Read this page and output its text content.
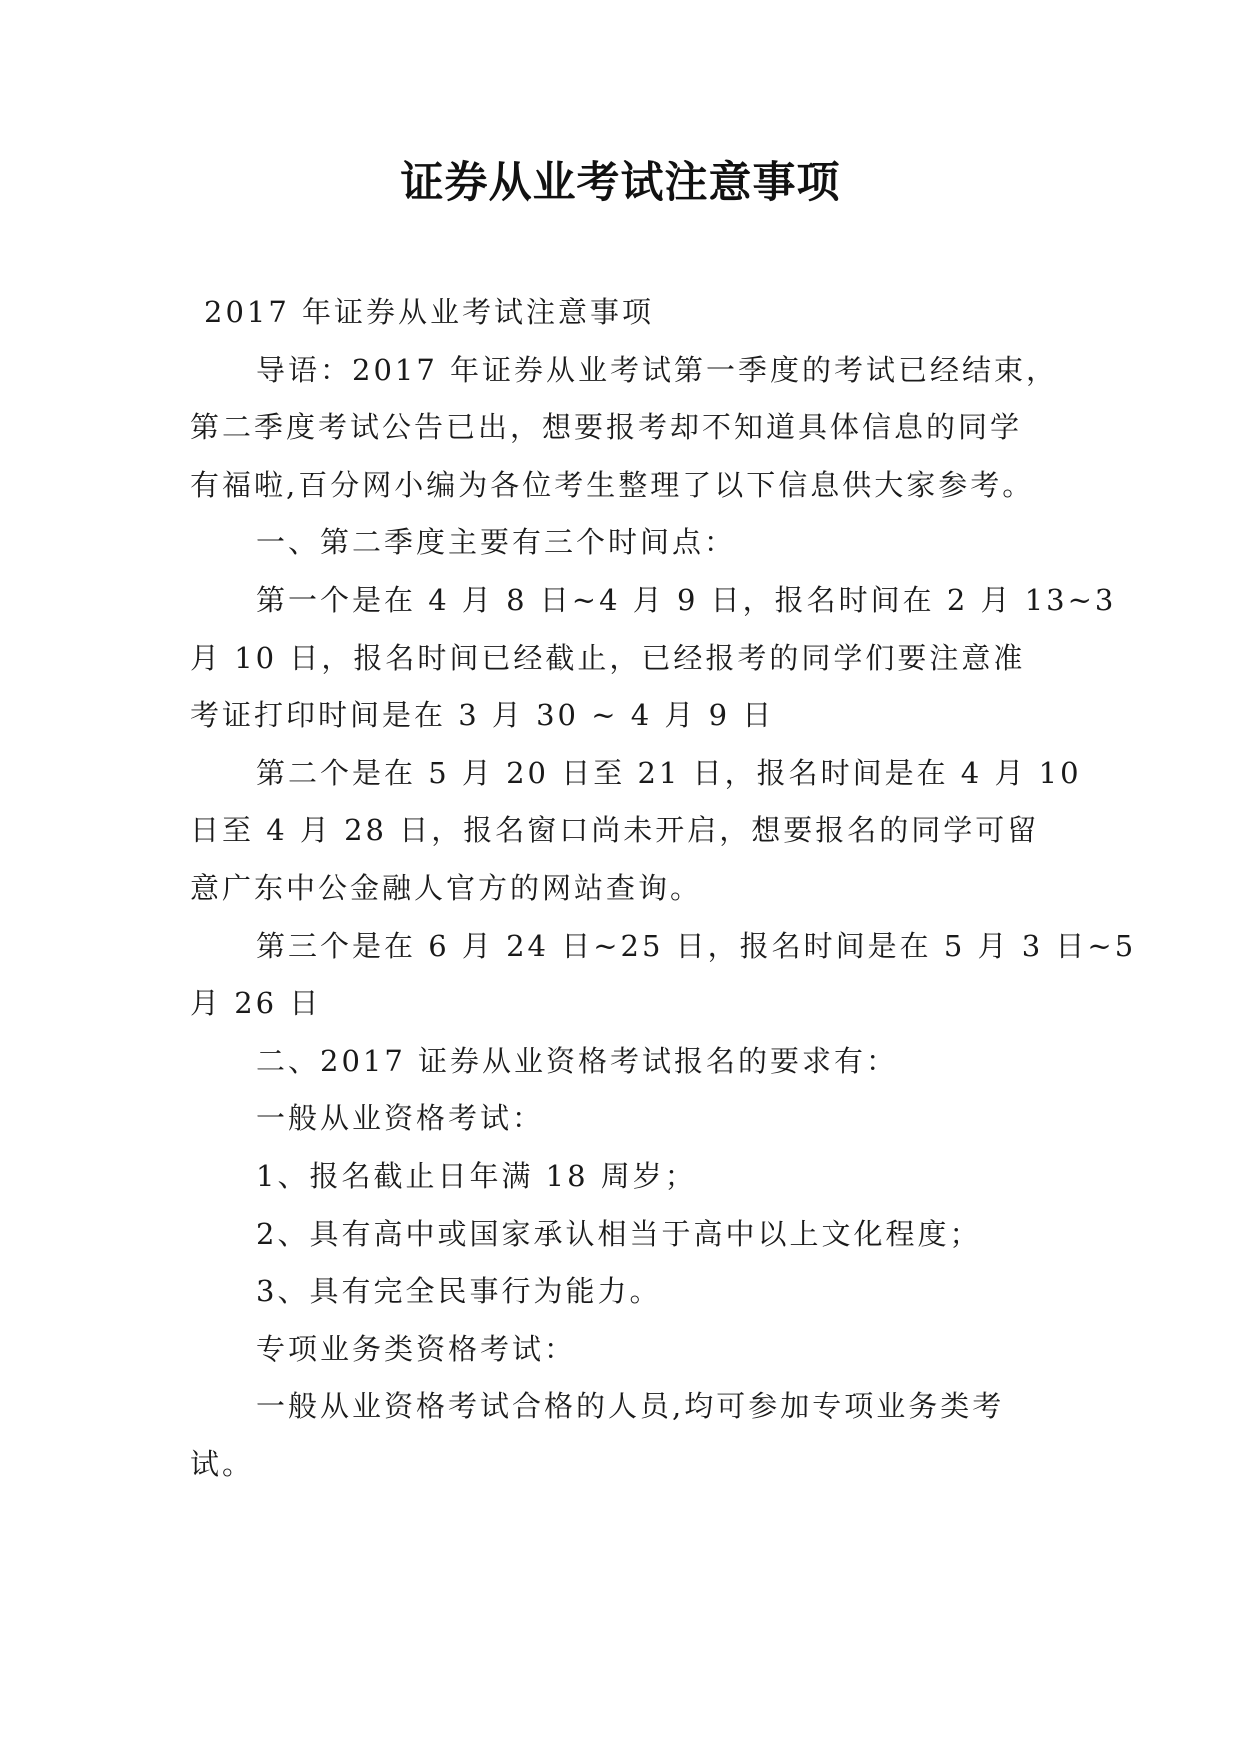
证券从业考试注意事项

2017 年证券从业考试注意事项

导语：2017 年证券从业考试第一季度的考试已经结束，

第二季度考试公告已出，想要报考却不知道具体信息的同学

有福啦,百分网小编为各位考生整理了以下信息供大家参考。

一、第二季度主要有三个时间点：

第一个是在 4 月 8 日~4 月 9 日，报名时间在 2 月 13~3

月 10 日，报名时间已经截止，已经报考的同学们要注意准

考证打印时间是在 3 月 30 ~ 4 月 9 日

第二个是在 5 月 20 日至 21 日，报名时间是在 4 月 10

日至 4 月 28 日，报名窗口尚未开启，想要报名的同学可留

意广东中公金融人官方的网站查询。

第三个是在 6 月 24 日~25 日，报名时间是在 5 月 3 日~5

月 26 日

二、2017 证券从业资格考试报名的要求有：

一般从业资格考试：

1、报名截止日年满 18 周岁；

2、具有高中或国家承认相当于高中以上文化程度；

3、具有完全民事行为能力。

专项业务类资格考试：

一般从业资格考试合格的人员,均可参加专项业务类考

试。
